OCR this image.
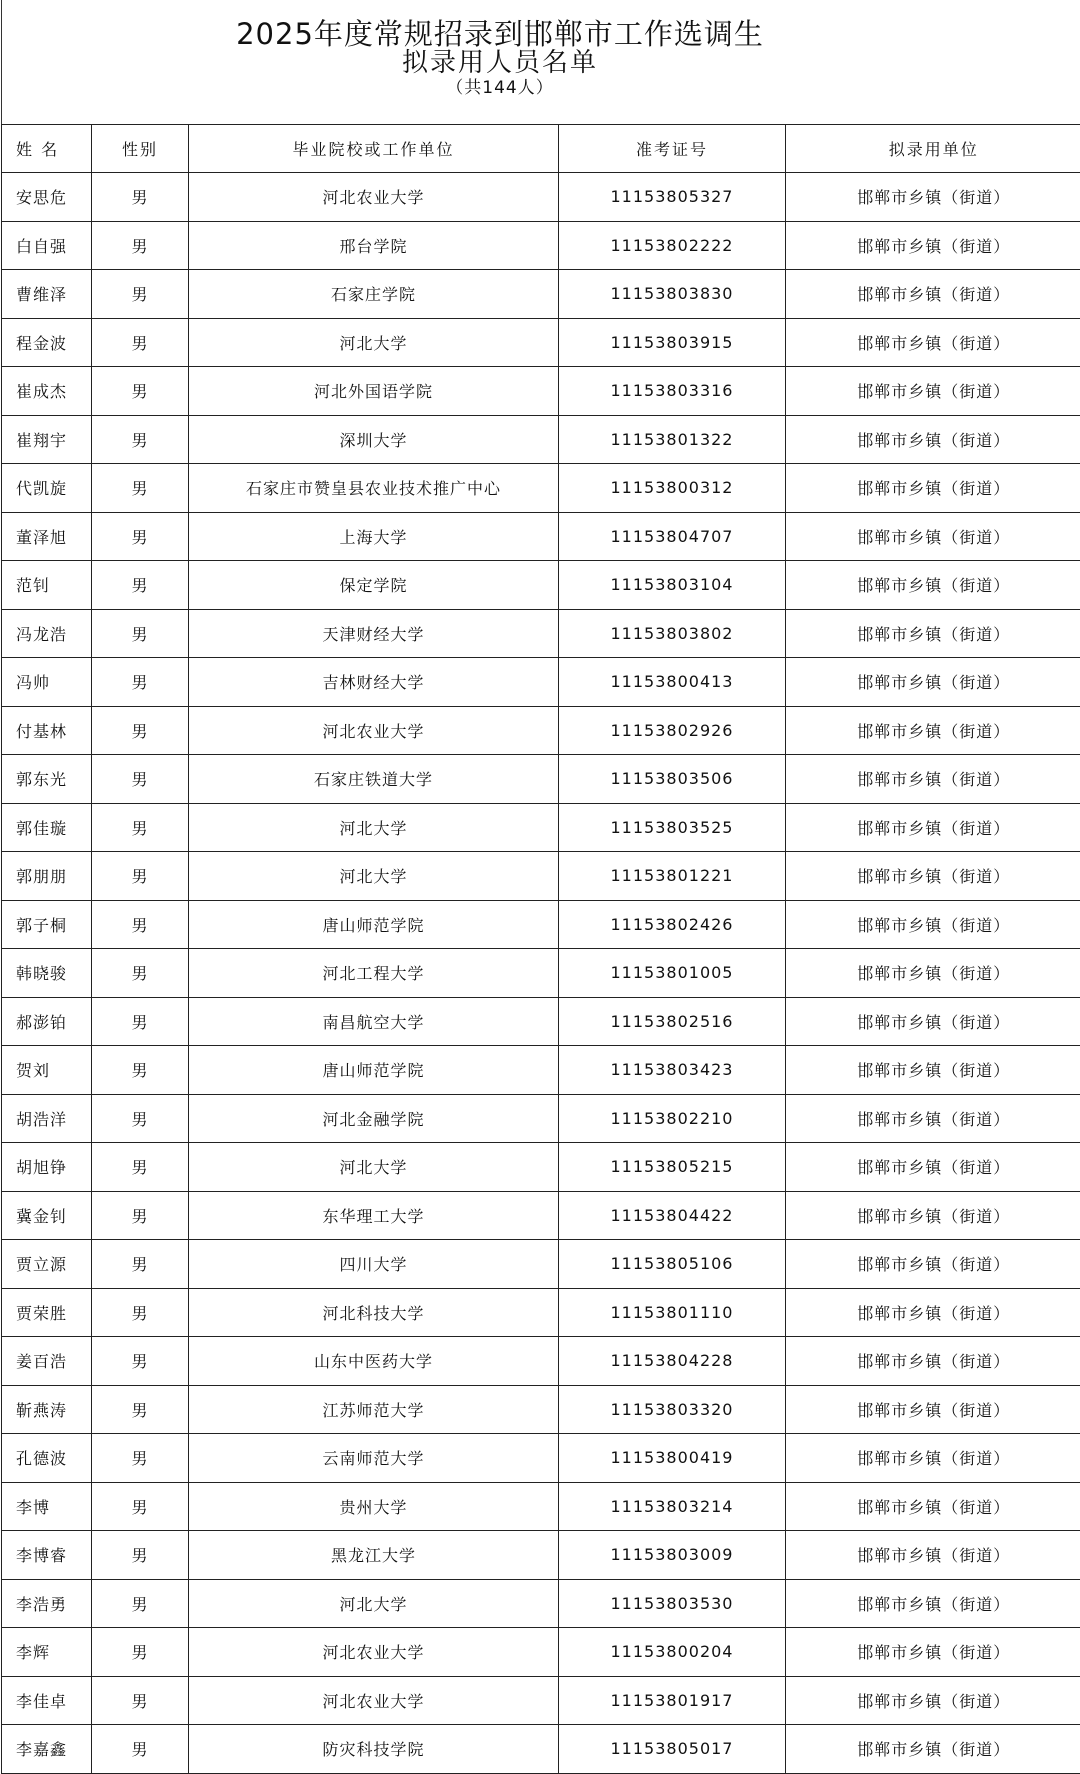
2025年度常规招录到邯郸市工作选调生
拟录用人员名单
（共144人）
姓 名	性别	毕业院校或工作单位	准考证号	拟录用单位
安思危	男	河北农业大学	11153805327	邯郸市乡镇（街道）
白自强	男	邢台学院	11153802222	邯郸市乡镇（街道）
曹维泽	男	石家庄学院	11153803830	邯郸市乡镇（街道）
程金波	男	河北大学	11153803915	邯郸市乡镇（街道）
崔成杰	男	河北外国语学院	11153803316	邯郸市乡镇（街道）
崔翔宇	男	深圳大学	11153801322	邯郸市乡镇（街道）
代凯旋	男	石家庄市赞皇县农业技术推广中心	11153800312	邯郸市乡镇（街道）
董泽旭	男	上海大学	11153804707	邯郸市乡镇（街道）
范钊	男	保定学院	11153803104	邯郸市乡镇（街道）
冯龙浩	男	天津财经大学	11153803802	邯郸市乡镇（街道）
冯帅	男	吉林财经大学	11153800413	邯郸市乡镇（街道）
付基林	男	河北农业大学	11153802926	邯郸市乡镇（街道）
郭东光	男	石家庄铁道大学	11153803506	邯郸市乡镇（街道）
郭佳璇	男	河北大学	11153803525	邯郸市乡镇（街道）
郭朋朋	男	河北大学	11153801221	邯郸市乡镇（街道）
郭子桐	男	唐山师范学院	11153802426	邯郸市乡镇（街道）
韩晓骏	男	河北工程大学	11153801005	邯郸市乡镇（街道）
郝澎铂	男	南昌航空大学	11153802516	邯郸市乡镇（街道）
贺刘	男	唐山师范学院	11153803423	邯郸市乡镇（街道）
胡浩洋	男	河北金融学院	11153802210	邯郸市乡镇（街道）
胡旭铮	男	河北大学	11153805215	邯郸市乡镇（街道）
冀金钊	男	东华理工大学	11153804422	邯郸市乡镇（街道）
贾立源	男	四川大学	11153805106	邯郸市乡镇（街道）
贾荣胜	男	河北科技大学	11153801110	邯郸市乡镇（街道）
姜百浩	男	山东中医药大学	11153804228	邯郸市乡镇（街道）
靳燕涛	男	江苏师范大学	11153803320	邯郸市乡镇（街道）
孔德波	男	云南师范大学	11153800419	邯郸市乡镇（街道）
李博	男	贵州大学	11153803214	邯郸市乡镇（街道）
李博睿	男	黑龙江大学	11153803009	邯郸市乡镇（街道）
李浩勇	男	河北大学	11153803530	邯郸市乡镇（街道）
李辉	男	河北农业大学	11153800204	邯郸市乡镇（街道）
李佳卓	男	河北农业大学	11153801917	邯郸市乡镇（街道）
李嘉鑫	男	防灾科技学院	11153805017	邯郸市乡镇（街道）
